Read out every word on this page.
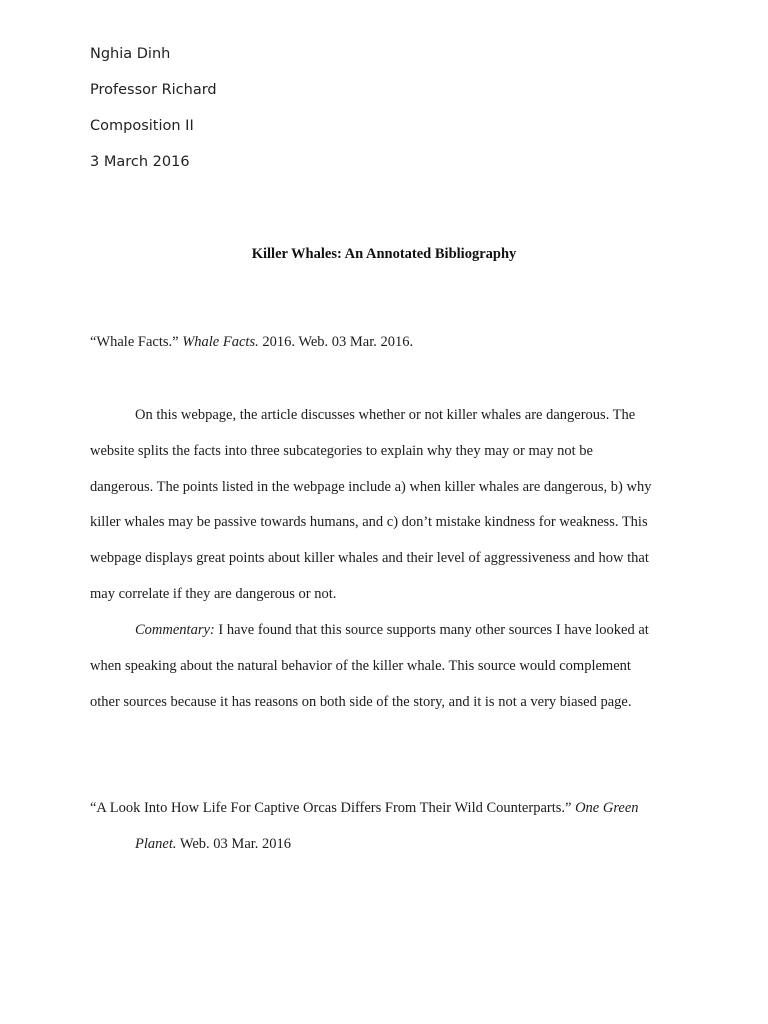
Nghia Dinh
Professor Richard
Composition II
3 March 2016
Killer Whales: An Annotated Bibliography
“Whale Facts.” Whale Facts. 2016. Web. 03 Mar. 2016.
On this webpage, the article discusses whether or not killer whales are dangerous. The
website splits the facts into three subcategories to explain why they may or may not be
dangerous. The points listed in the webpage include a) when killer whales are dangerous, b) why
killer whales may be passive towards humans, and c) don’t mistake kindness for weakness. This
webpage displays great points about killer whales and their level of aggressiveness and how that
may correlate if they are dangerous or not.
Commentary: I have found that this source supports many other sources I have looked at
when speaking about the natural behavior of the killer whale. This source would complement
other sources because it has reasons on both side of the story, and it is not a very biased page.
“A Look Into How Life For Captive Orcas Differs From Their Wild Counterparts.” One Green
Planet. Web. 03 Mar. 2016
